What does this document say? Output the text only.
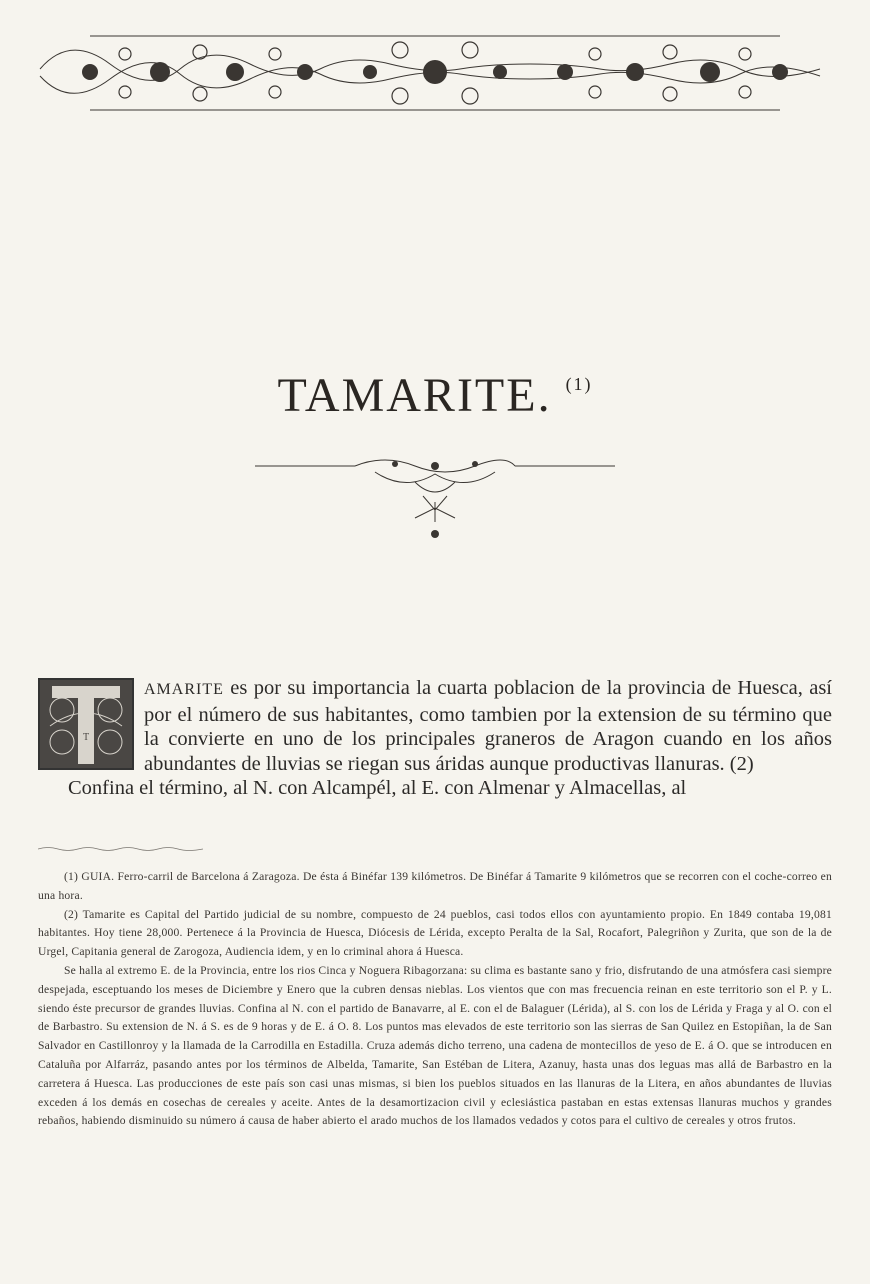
TAMARITE. $^{(1)}$
T
AMARITE es por su importancia la cuarta poblacion de la provincia de Huesca, así por el número de sus habitantes, como tambien por la extension de su término que la convierte en uno de los principales graneros de Aragon cuando en los años abundantes de lluvias se riegan sus áridas aunque productivas llanuras. (2)
Confina el término, al N. con Alcampél, al E. con Almenar y Almacellas, al

(1) GUIA. Ferro-carril de Barcelona á Zaragoza. De ésta á Binéfar 139 kilómetros. De Binéfar á Tamarite 9 kilómetros que se recorren con el coche-correo en una hora.

(2) Tamarite es Capital del Partido judicial de su nombre, compuesto de 24 pueblos, casi todos ellos con ayuntamiento propio. En 1849 contaba 19,081 habitantes. Hoy tiene 28,000. Pertenece á la Provincia de Huesca, Diócesis de Lérida, excepto Peralta de la Sal, Rocafort, Palegriñon y Zurita, que son de la de Urgel, Capitania general de Zarogoza, Audiencia idem, y en lo criminal ahora á Huesca.

Se halla al extremo E. de la Provincia, entre los rios Cinca y Noguera Ribagorzana: su clima es bastante sano y frio, disfrutando de una atmósfera casi siempre despejada, esceptuando los meses de Diciembre y Enero que la cubren densas nieblas. Los vientos que con mas frecuencia reinan en este territorio son el P. y L. siendo éste precursor de grandes lluvias. Confina al N. con el partido de Banavarre, al E. con el de Balaguer (Lérida), al S. con los de Lérida y Fraga y al O. con el de Barbastro. Su extension de N. á S. es de 9 horas y de E. á O. 8. Los puntos mas elevados de este territorio son las sierras de San Quilez en Estopiñan, la de San Salvador en Castillonroy y la llamada de la Carrodilla en Estadilla. Cruza además dicho terreno, una cadena de montecillos de yeso de E. á O. que se introducen en Cataluña por Alfarráz, pasando antes por los términos de Albelda, Tamarite, San Estéban de Litera, Azanuy, hasta unas dos leguas mas allá de Barbastro en la carretera á Huesca. Las producciones de este país son casi unas mismas, si bien los pueblos situados en las llanuras de la Litera, en años abundantes de lluvias exceden á los demás en cosechas de cereales y aceite. Antes de la desamortizacion civil y eclesiástica pastaban en estas extensas llanuras muchos y grandes rebaños, habiendo disminuido su número á causa de haber abierto el arado muchos de los llamados vedados y cotos para el cultivo de cereales y otros frutos.
